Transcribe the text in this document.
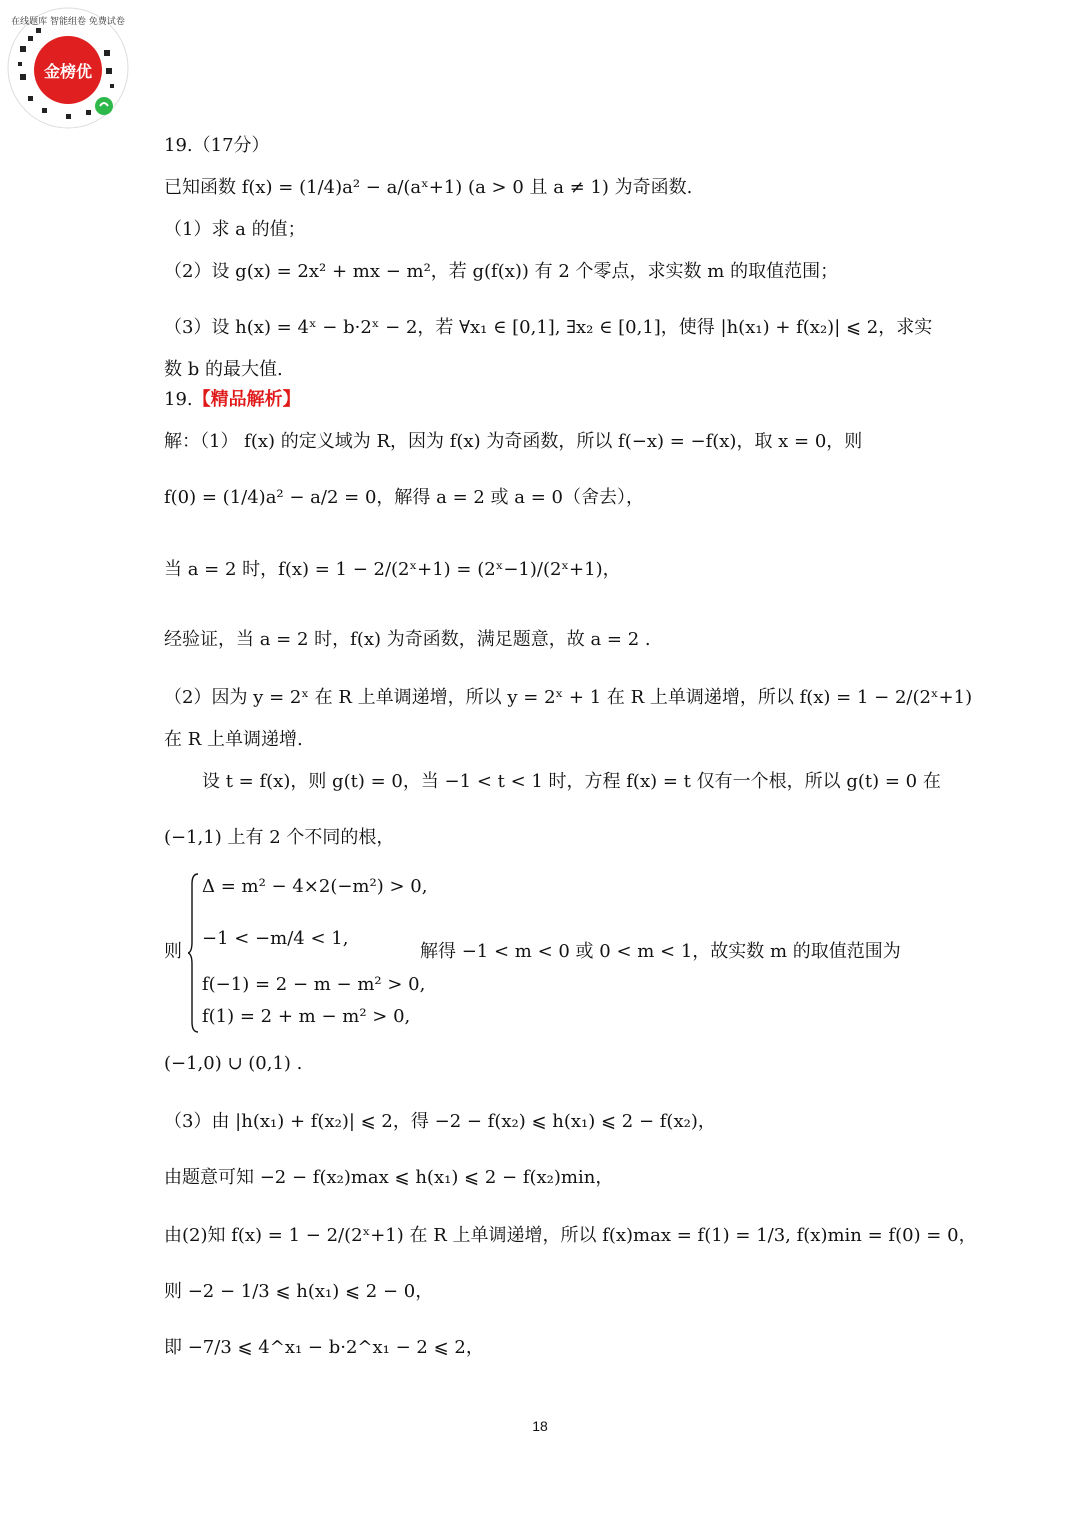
金榜优
在线题库 智能组卷 免费试卷
19.（17分）
已知函数 f(x) = (1/4)a² − a/(aˣ+1) (a > 0 且 a ≠ 1) 为奇函数.
（1）求 a 的值；
（2）设 g(x) = 2x² + mx − m²，若 g(f(x)) 有 2 个零点，求实数 m 的取值范围；
（3）设 h(x) = 4ˣ − b·2ˣ − 2，若 ∀x₁ ∈ [0,1], ∃x₂ ∈ [0,1]，使得 |h(x₁) + f(x₂)| ⩽ 2，求实
数 b 的最大值.
19.【精品解析】
解：（1） f(x) 的定义域为 R，因为 f(x) 为奇函数，所以 f(−x) = −f(x)，取 x = 0，则
f(0) = (1/4)a² − a/2 = 0，解得 a = 2 或 a = 0（舍去），
当 a = 2 时，f(x) = 1 − 2/(2ˣ+1) = (2ˣ−1)/(2ˣ+1)，
经验证，当 a = 2 时，f(x) 为奇函数，满足题意，故 a = 2 .
（2）因为 y = 2ˣ 在 R 上单调递增，所以 y = 2ˣ + 1 在 R 上单调递增，所以 f(x) = 1 − 2/(2ˣ+1)
在 R 上单调递增.
设 t = f(x)，则 g(t) = 0，当 −1 < t < 1 时，方程 f(x) = t 仅有一个根，所以 g(t) = 0 在
(−1,1) 上有 2 个不同的根，
则
Δ = m² − 4×2(−m²) > 0,
−1 < −m/4 < 1,
f(−1) = 2 − m − m² > 0,
f(1) = 2 + m − m² > 0,
解得 −1 < m < 0 或 0 < m < 1，故实数 m 的取值范围为
(−1,0) ∪ (0,1) .
（3）由 |h(x₁) + f(x₂)| ⩽ 2，得 −2 − f(x₂) ⩽ h(x₁) ⩽ 2 − f(x₂)，
由题意可知 −2 − f(x₂)max ⩽ h(x₁) ⩽ 2 − f(x₂)min，
由(2)知 f(x) = 1 − 2/(2ˣ+1) 在 R 上单调递增，所以 f(x)max = f(1) = 1/3, f(x)min = f(0) = 0，
则 −2 − 1/3 ⩽ h(x₁) ⩽ 2 − 0，
即 −7/3 ⩽ 4^x₁ − b·2^x₁ − 2 ⩽ 2，
18
